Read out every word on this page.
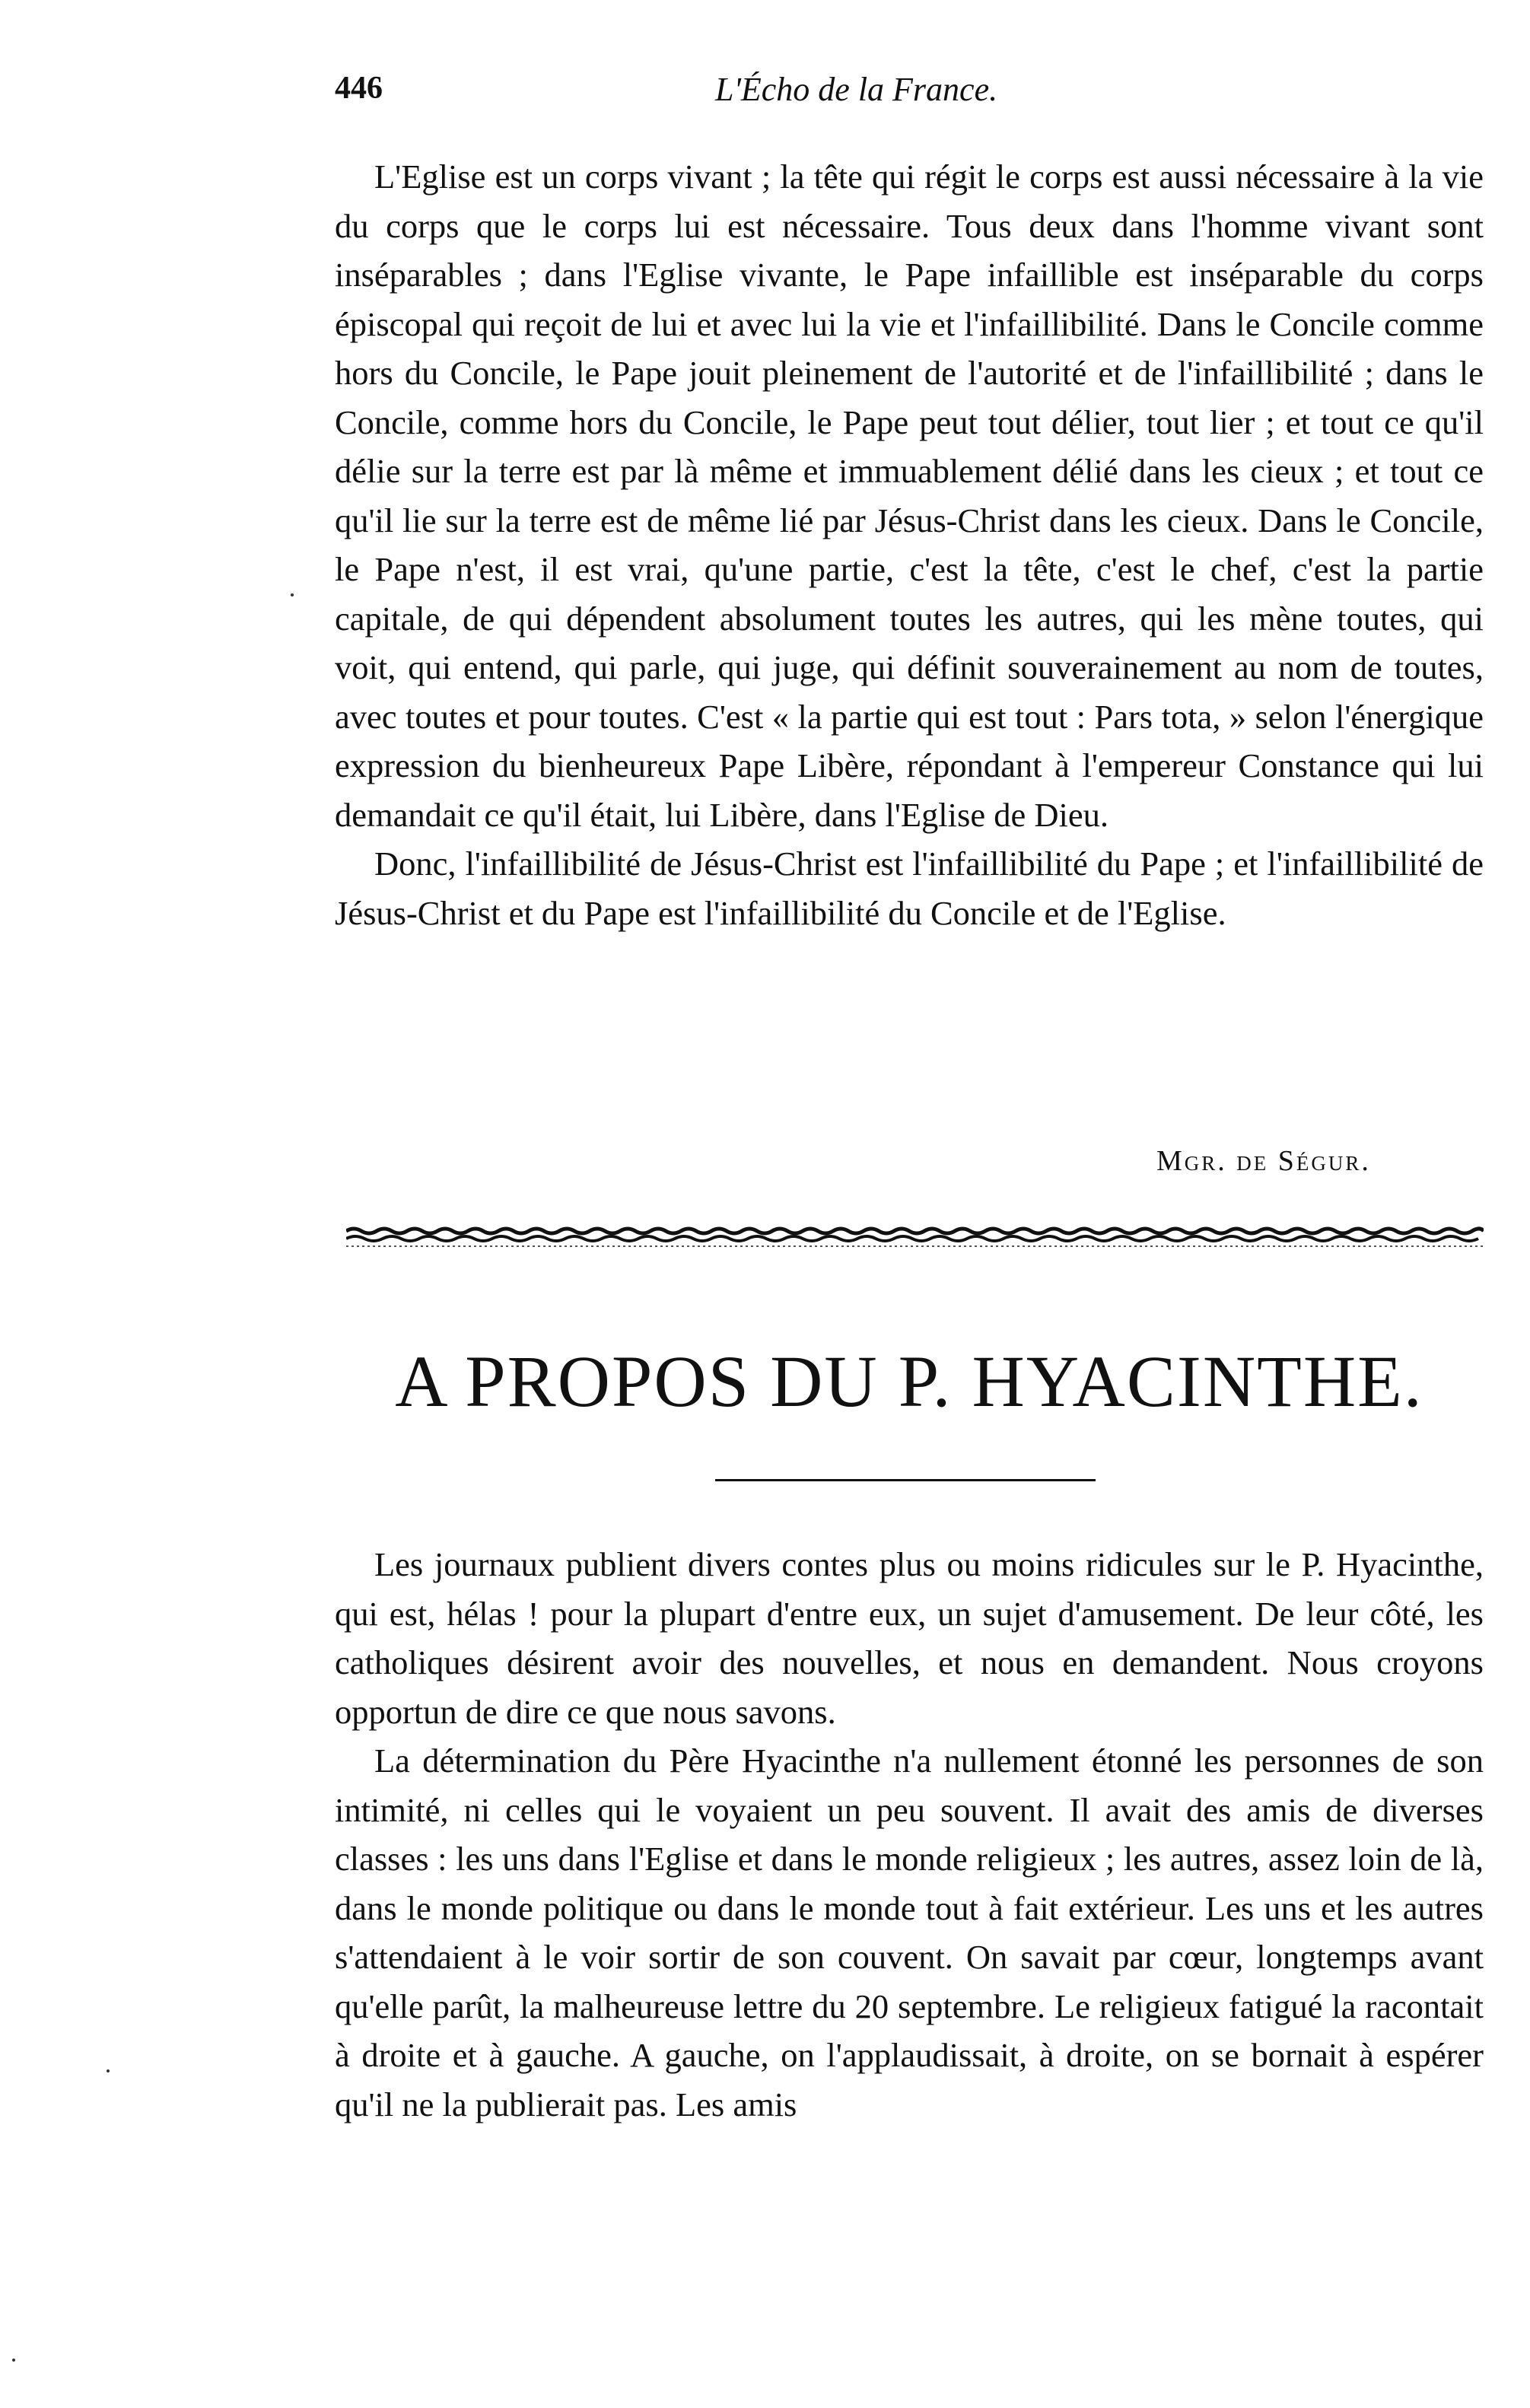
446	L'Écho de la France.

L'Eglise est un corps vivant ; la tête qui régit le corps est aussi nécessaire à la vie du corps que le corps lui est nécessaire. Tous deux dans l'homme vivant sont inséparables ; dans l'Eglise vivante, le Pape infaillible est inséparable du corps épiscopal qui reçoit de lui et avec lui la vie et l'infaillibilité. Dans le Concile comme hors du Concile, le Pape jouit pleinement de l'autorité et de l'infaillibilité ; dans le Concile, comme hors du Concile, le Pape peut tout délier, tout lier ; et tout ce qu'il délie sur la terre est par là même et immuablement délié dans les cieux ; et tout ce qu'il lie sur la terre est de même lié par Jésus-Christ dans les cieux. Dans le Concile, le Pape n'est, il est vrai, qu'une partie, c'est la tête, c'est le chef, c'est la partie capitale, de qui dépendent absolument toutes les autres, qui les mène toutes, qui voit, qui entend, qui parle, qui juge, qui définit souverainement au nom de toutes, avec toutes et pour toutes. C'est « la partie qui est tout : Pars tota, » selon l'énergique expression du bienheureux Pape Libère, répondant à l'empereur Constance qui lui demandait ce qu'il était, lui Libère, dans l'Eglise de Dieu.

Donc, l'infaillibilité de Jésus-Christ est l'infaillibilité du Pape ; et l'infaillibilité de Jésus-Christ et du Pape est l'infaillibilité du Concile et de l'Eglise.

Mgr. de Ségur.
A PROPOS DU P. HYACINTHE.

Les journaux publient divers contes plus ou moins ridicules sur le P. Hyacinthe, qui est, hélas ! pour la plupart d'entre eux, un sujet d'amusement. De leur côté, les catholiques désirent avoir des nouvelles, et nous en demandent. Nous croyons opportun de dire ce que nous savons.

La détermination du Père Hyacinthe n'a nullement étonné les personnes de son intimité, ni celles qui le voyaient un peu souvent. Il avait des amis de diverses classes : les uns dans l'Eglise et dans le monde religieux ; les autres, assez loin de là, dans le monde politique ou dans le monde tout à fait extérieur. Les uns et les autres s'attendaient à le voir sortir de son couvent. On savait par cœur, longtemps avant qu'elle parût, la malheureuse lettre du 20 septembre. Le religieux fatigué la racontait à droite et à gauche. A gauche, on l'applaudissait, à droite, on se bornait à espérer qu'il ne la publierait pas. Les amis
